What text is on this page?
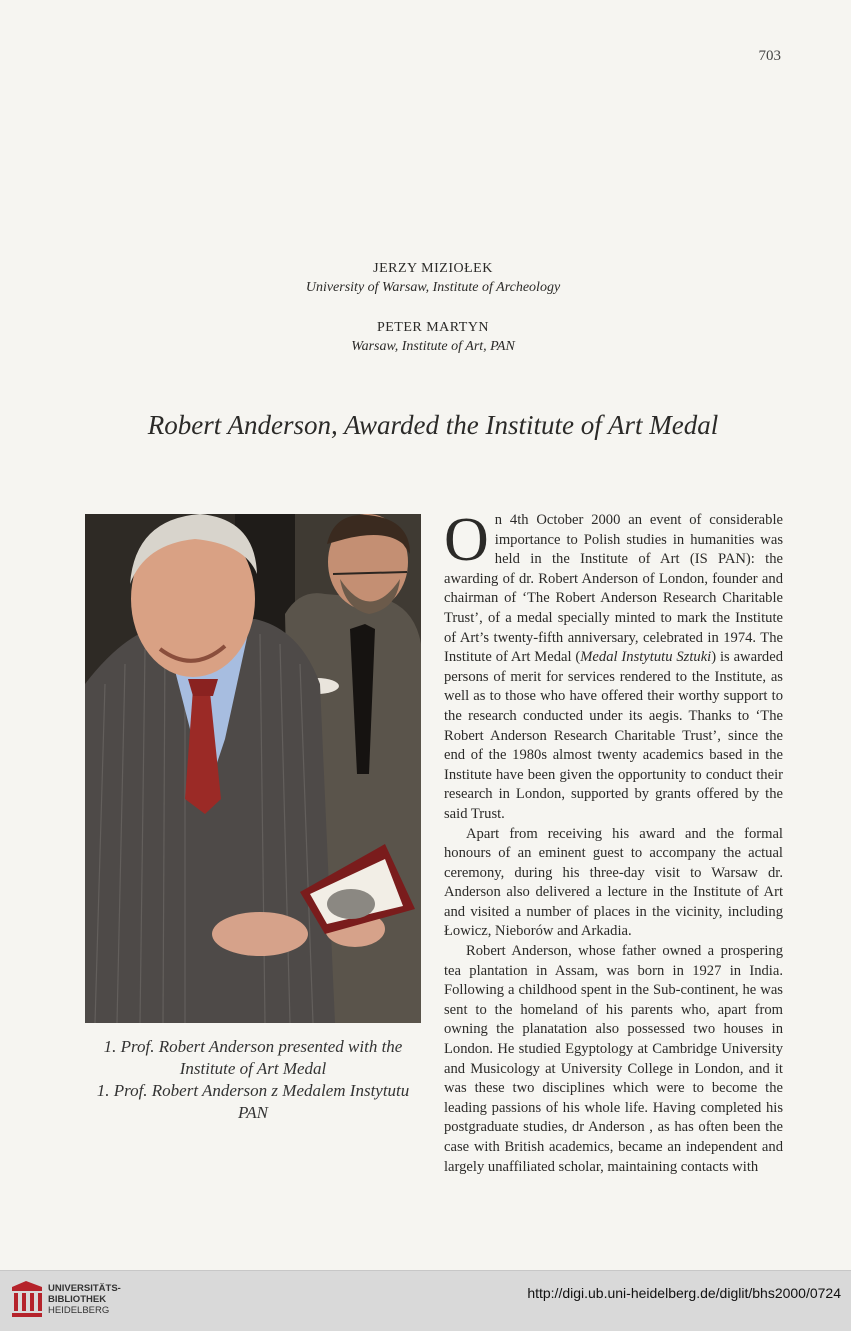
703
JERZY MIZIOŁEK
University of Warsaw, Institute of Archeology
PETER MARTYN
Warsaw, Institute of Art, PAN
Robert Anderson, Awarded the Institute of Art Medal
1. Prof. Robert Anderson presented with the Institute of Art Medal
1. Prof. Robert Anderson z Medalem Instytutu PAN

On 4th October 2000 an event of considerable importance to Polish studies in humanities was held in the Institute of Art (IS PAN): the awarding of dr. Robert Anderson of London, founder and chairman of ‘The Robert Anderson Research Charitable Trust’, of a medal specially minted to mark the Institute of Art’s twenty-fifth anniversary, celebrated in 1974. The Institute of Art Medal (Medal Instytutu Sztuki) is awarded persons of merit for services rendered to the Institute, as well as to those who have offered their worthy support to the research conducted under its aegis. Thanks to ‘The Robert Anderson Research Charitable Trust’, since the end of the 1980s almost twenty academics based in the Institute have been given the opportunity to conduct their research in London, supported by grants offered by the said Trust.

Apart from receiving his award and the formal honours of an eminent guest to accompany the actual ceremony, during his three-day visit to Warsaw dr. Anderson also delivered a lecture in the Institute of Art and visited a number of places in the vicinity, including Łowicz, Nieborów and Arkadia.

Robert Anderson, whose father owned a prospering tea plantation in Assam, was born in 1927 in India. Following a childhood spent in the Sub-continent, he was sent to the homeland of his parents who, apart from owning the planatation also possessed two houses in London. He studied Egyptology at Cambridge University and Musicology at University College in London, and it was these two disciplines which were to become the leading passions of his whole life. Having completed his postgraduate studies, dr Anderson , as has often been the case with British academics, became an independent and largely unaffiliated scholar, maintaining contacts with

UNIVERSITÄTS-
BIBLIOTHEK
HEIDELBERG
http://digi.ub.uni-heidelberg.de/diglit/bhs2000/0724
